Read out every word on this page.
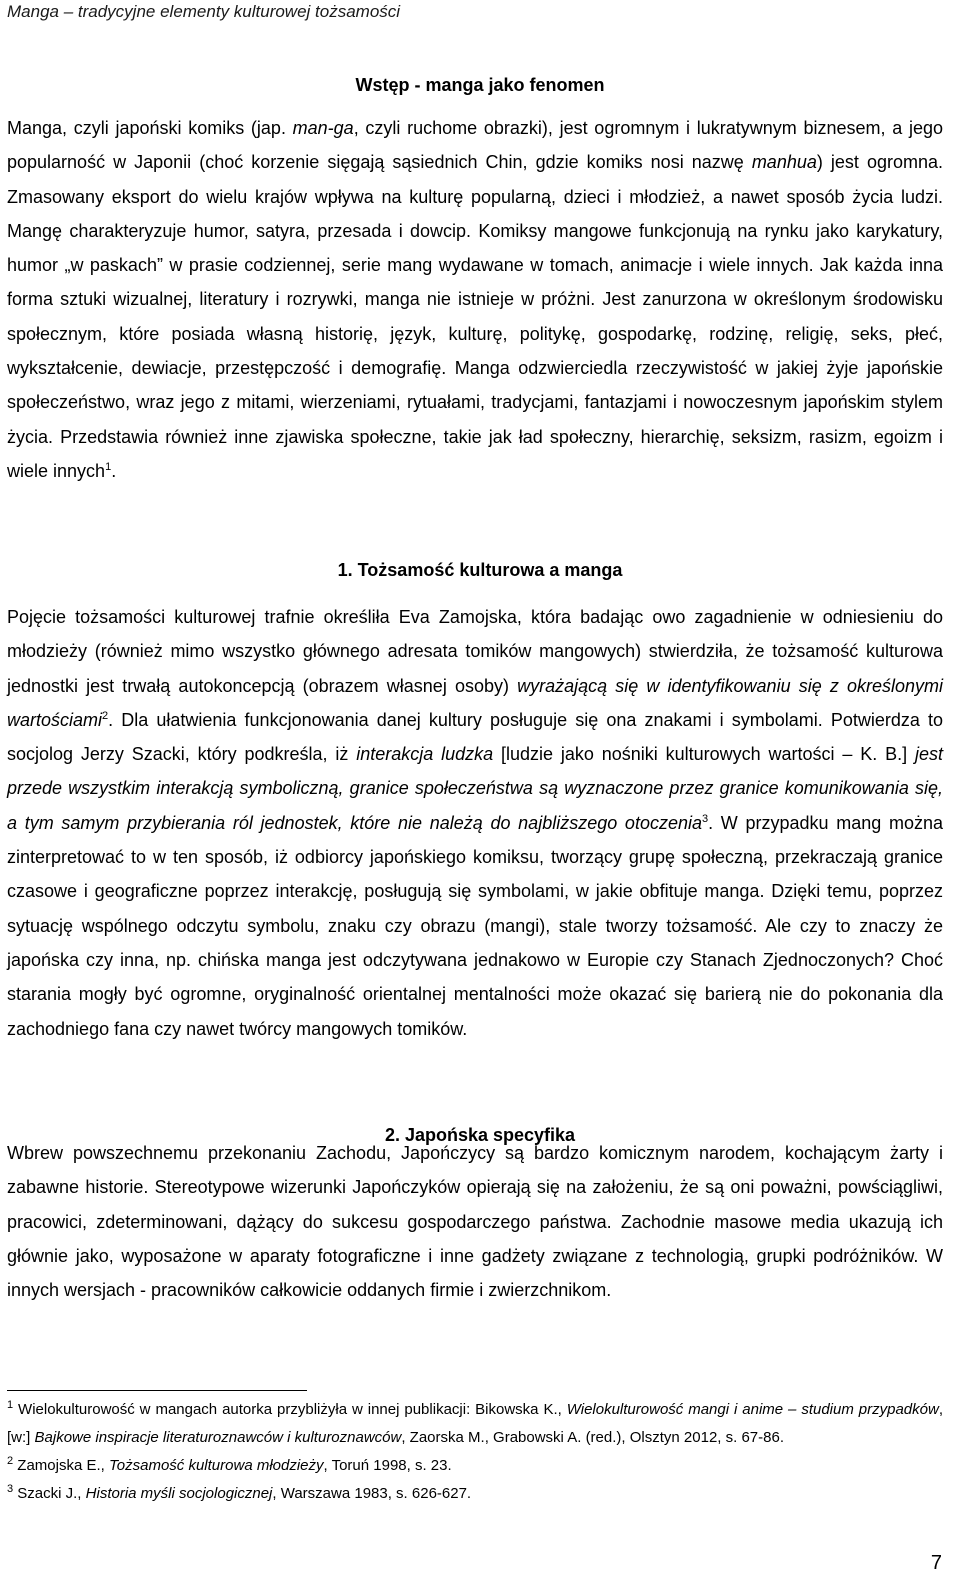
Manga – tradycyjne elementy kulturowej tożsamości
Wstęp - manga jako fenomen

Manga, czyli japoński komiks (jap. man-ga, czyli ruchome obrazki), jest ogromnym i lukratywnym biznesem, a jego popularność w Japonii (choć korzenie sięgają sąsiednich Chin, gdzie komiks nosi nazwę manhua) jest ogromna. Zmasowany eksport do wielu krajów wpływa na kulturę popularną, dzieci i młodzież, a nawet sposób życia ludzi. Mangę charakteryzuje humor, satyra, przesada i dowcip. Komiksy mangowe funkcjonują na rynku jako karykatury, humor „w paskach” w prasie codziennej, serie mang wydawane w tomach, animacje i wiele innych. Jak każda inna forma sztuki wizualnej, literatury i rozrywki, manga nie istnieje w próżni. Jest zanurzona w określonym środowisku społecznym, które posiada własną historię, język, kulturę, politykę, gospodarkę, rodzinę, religię, seks, płeć, wykształcenie, dewiacje, przestępczość i demografię. Manga odzwierciedla rzeczywistość w jakiej żyje japońskie społeczeństwo, wraz jego z mitami, wierzeniami, rytuałami, tradycjami, fantazjami i nowoczesnym japońskim stylem życia. Przedstawia również inne zjawiska społeczne, takie jak ład społeczny, hierarchię, seksizm, rasizm, egoizm i wiele innych$^1$.

1. Tożsamość kulturowa a manga

Pojęcie tożsamości kulturowej trafnie określiła Eva Zamojska, która badając owo zagadnienie w odniesieniu do młodzieży (również mimo wszystko głównego adresata tomików mangowych) stwierdziła, że tożsamość kulturowa jednostki jest trwałą autokoncepcją (obrazem własnej osoby) wyrażającą się w identyfikowaniu się z określonymi wartościami$^2$. Dla ułatwienia funkcjonowania danej kultury posługuje się ona znakami i symbolami. Potwierdza to socjolog Jerzy Szacki, który podkreśla, iż interakcja ludzka [ludzie jako nośniki kulturowych wartości – K. B.] jest przede wszystkim interakcją symboliczną, granice społeczeństwa są wyznaczone przez granice komunikowania się, a tym samym przybierania ról jednostek, które nie należą do najbliższego otoczenia$^3$. W przypadku mang można zinterpretować to w ten sposób, iż odbiorcy japońskiego komiksu, tworzący grupę społeczną, przekraczają granice czasowe i geograficzne poprzez interakcję, posługują się symbolami, w jakie obfituje manga. Dzięki temu, poprzez sytuację wspólnego odczytu symbolu, znaku czy obrazu (mangi), stale tworzy tożsamość. Ale czy to znaczy że japońska czy inna, np. chińska manga jest odczytywana jednakowo w Europie czy Stanach Zjednoczonych? Choć starania mogły być ogromne, oryginalność orientalnej mentalności może okazać się barierą nie do pokonania dla zachodniego fana czy nawet twórcy mangowych tomików.

2. Japońska specyfika

Wbrew powszechnemu przekonaniu Zachodu, Japończycy są bardzo komicznym narodem, kochającym żarty i zabawne historie. Stereotypowe wizerunki Japończyków opierają się na założeniu, że są oni poważni, powściągliwi, pracowici, zdeterminowani, dążący do sukcesu gospodarczego państwa. Zachodnie masowe media ukazują ich głównie jako, wyposażone w aparaty fotograficzne i inne gadżety związane z technologią, grupki podróżników. W innych wersjach - pracowników całkowicie oddanych firmie i zwierzchnikom.

$^1$ Wielokulturowość w mangach autorka przybliżyła w innej publikacji: Bikowska K., Wielokulturowość mangi i anime – studium przypadków, [w:] Bajkowe inspiracje literaturoznawców i kulturoznawców, Zaorska M., Grabowski A. (red.), Olsztyn 2012, s. 67-86.
$^2$ Zamojska E., Tożsamość kulturowa młodzieży, Toruń 1998, s. 23.
$^3$ Szacki J., Historia myśli socjologicznej, Warszawa 1983, s. 626-627.
7
